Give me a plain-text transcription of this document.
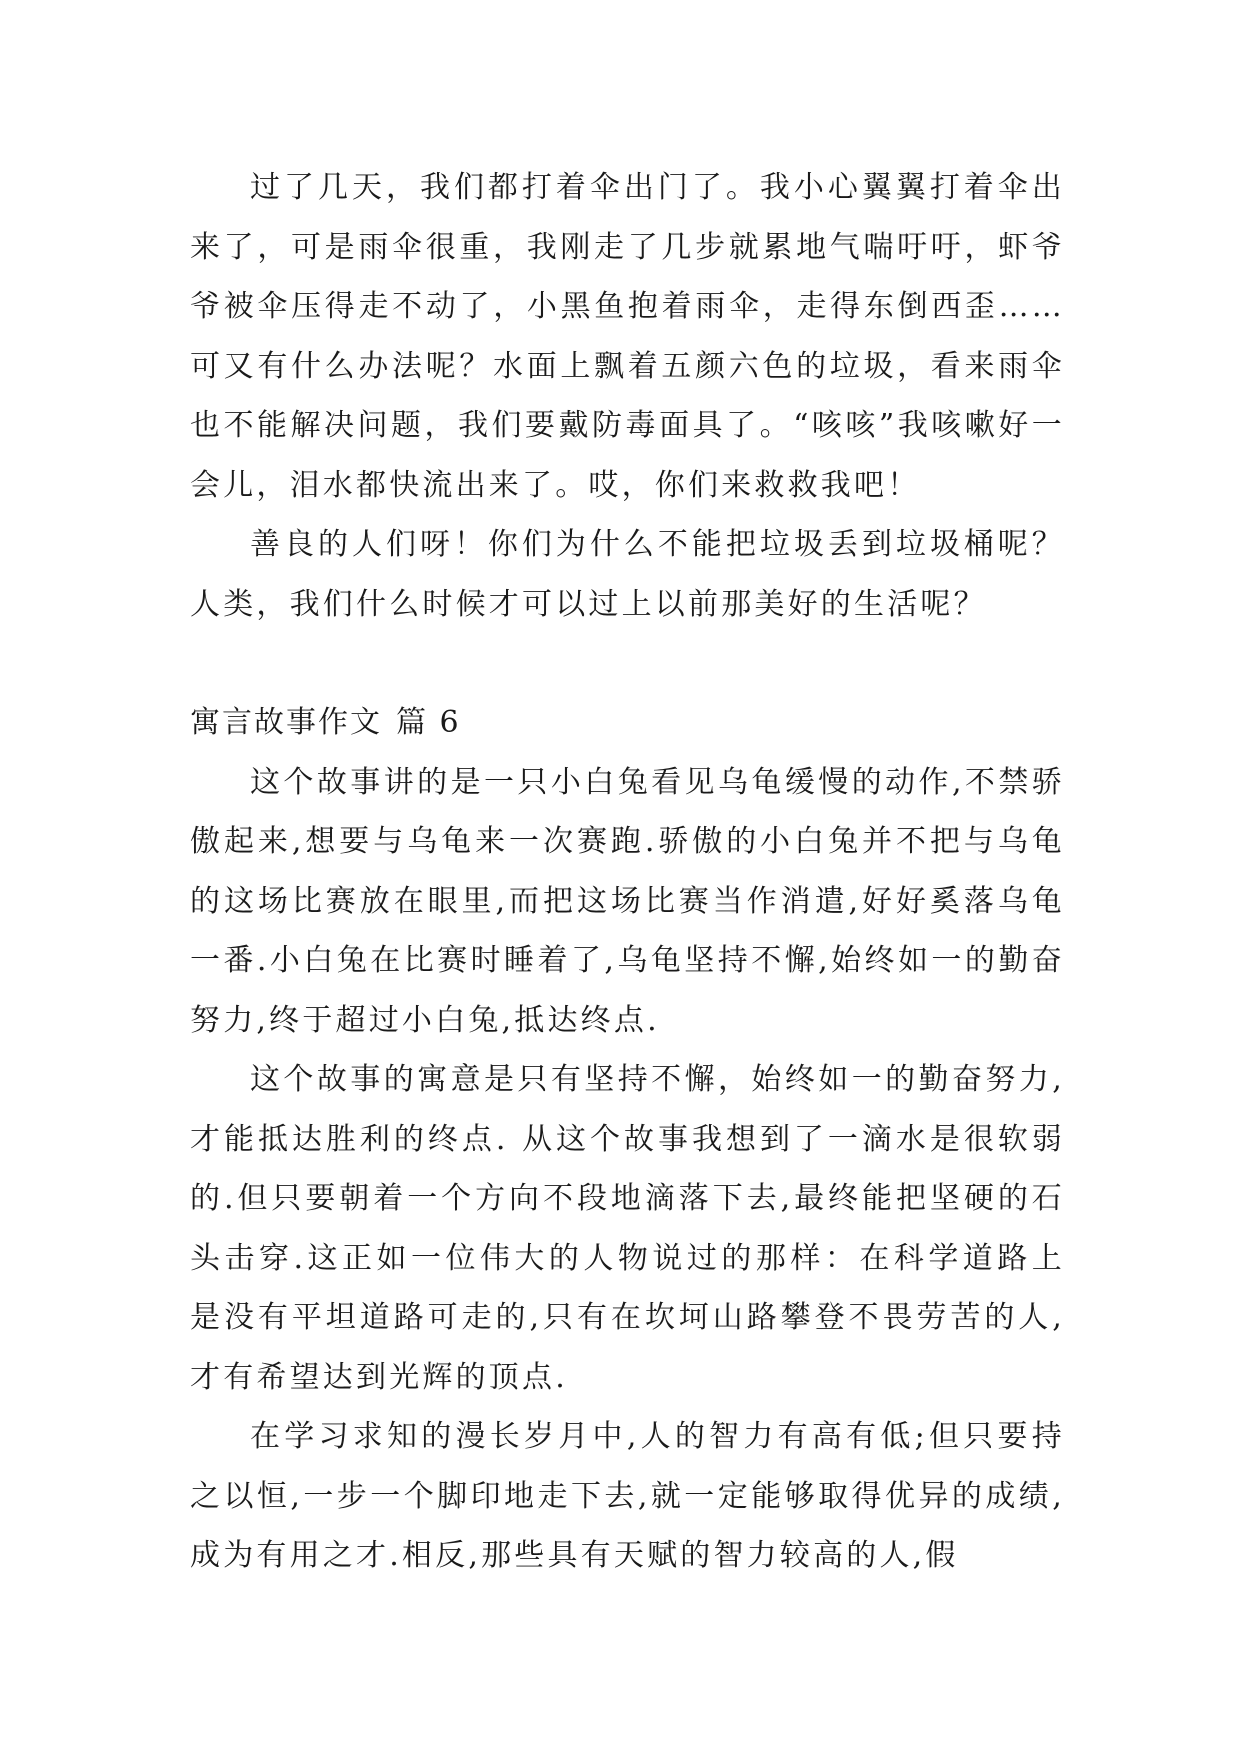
过了几天，我们都打着伞出门了。我小心翼翼打着伞出来了，可是雨伞很重，我刚走了几步就累地气喘吁吁，虾爷爷被伞压得走不动了，小黑鱼抱着雨伞，走得东倒西歪……可又有什么办法呢？水面上飘着五颜六色的垃圾，看来雨伞也不能解决问题，我们要戴防毒面具了。“咳咳”我咳嗽好一会儿，泪水都快流出来了。哎，你们来救救我吧！

善良的人们呀！你们为什么不能把垃圾丢到垃圾桶呢？人类，我们什么时候才可以过上以前那美好的生活呢？

寓言故事作文 篇 6

这个故事讲的是一只小白兔看见乌龟缓慢的动作,不禁骄傲起来,想要与乌龟来一次赛跑.骄傲的小白兔并不把与乌龟的这场比赛放在眼里,而把这场比赛当作消遣,好好奚落乌龟一番.小白兔在比赛时睡着了,乌龟坚持不懈,始终如一的勤奋努力,终于超过小白兔,抵达终点.

这个故事的寓意是只有坚持不懈，始终如一的勤奋努力,才能抵达胜利的终点. 从这个故事我想到了一滴水是很软弱的.但只要朝着一个方向不段地滴落下去,最终能把坚硬的石头击穿.这正如一位伟大的人物说过的那样：在科学道路上是没有平坦道路可走的,只有在坎坷山路攀登不畏劳苦的人,才有希望达到光辉的顶点.

在学习求知的漫长岁月中,人的智力有高有低;但只要持之以恒,一步一个脚印地走下去,就一定能够取得优异的成绩,成为有用之才.相反,那些具有天赋的智力较高的人,假
